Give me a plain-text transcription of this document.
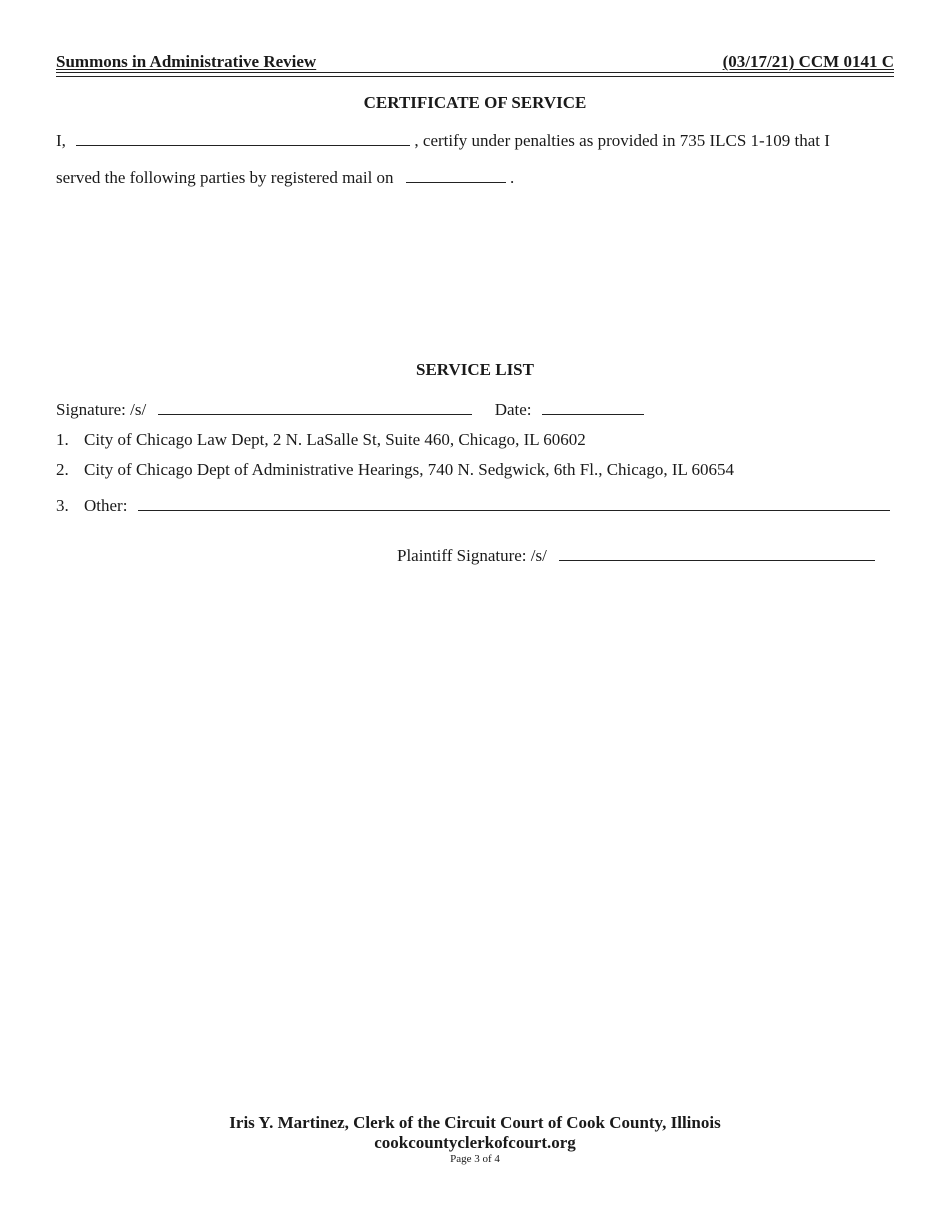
Summons in Administrative Review	(03/17/21) CCM 0141 C
CERTIFICATE OF SERVICE
I,	, certify under penalties as provided in 735 ILCS 1-109 that I
served the following parties by registered mail on	.
SERVICE LIST
Signature: /s/	Date:
1. City of Chicago Law Dept, 2 N. LaSalle St, Suite 460, Chicago, IL 60602
2. City of Chicago Dept of Administrative Hearings, 740 N. Sedgwick, 6th Fl., Chicago, IL 60654
3. Other:
Plaintiff Signature: /s/
Iris Y. Martinez, Clerk of the Circuit Court of Cook County, Illinois
cookcountyclerkofcourt.org
Page 3 of 4
